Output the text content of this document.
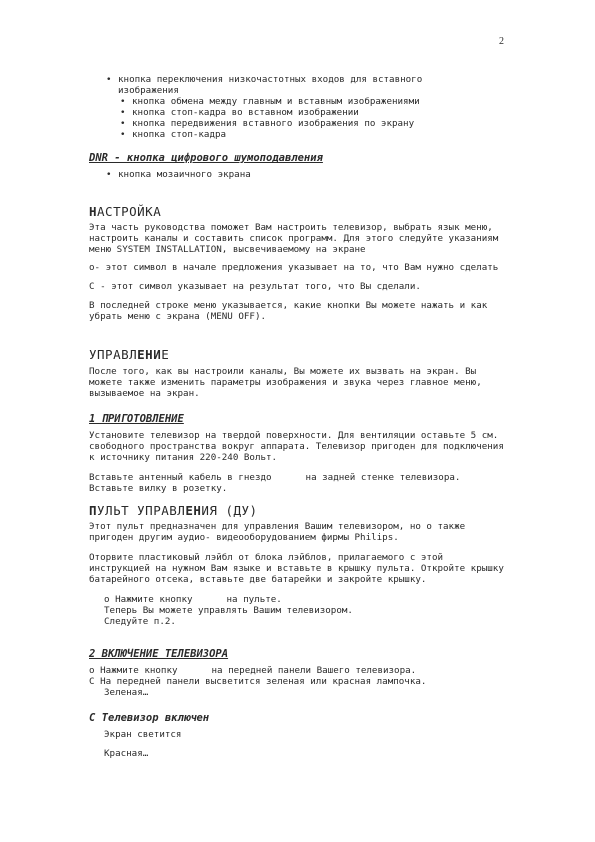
2
• кнопка переключения низкочастотных входов для вставного изображения
• кнопка обмена между главным и вставным изображениями
• кнопка стоп-кадра во вставном изображении
• кнопка передвижения вставного изображения по экрану
• кнопка стоп-кадра
DNR - кнопка цифрового шумоподавления
• кнопка мозаичного экрана
НАСТРОЙКА

Эта часть руководства поможет Вам настроить телевизор, выбрать язык меню, настроить каналы и составить список программ. Для этого следуйте указаниям меню SYSTEM INSTALLATION, высвечиваемому на экране

о- этот символ в начале предложения указывает на то, что Вам нужно сделать

С - этот символ указывает на результат того, что Вы сделали.

В последней строке меню указывается, какие кнопки Вы можете нажать и как убрать меню с экрана (MENU OFF).

УПРАВЛЕНИЕ

После того, как вы настроили каналы, Вы можете их вызвать на экран. Вы можете также изменить параметры изображения и звука через главное меню, вызываемое на экран.

1 ПРИГОТОВЛЕНИЕ

Установите телевизор на твердой поверхности. Для вентиляции оставьте 5 см. свободного пространства вокруг аппарата. Телевизор пригоден для подключения к источнику питания 220-240 Вольт.

Вставьте антенный кабель в гнездо	на задней стенке телевизора.
Вставьте вилку в розетку.

ПУЛЬТ УПРАВЛЕНИЯ (ДУ)

Этот пульт предназначен для управления Вашим телевизором, но о также пригоден другим аудио- видеооборудованием фирмы Philips.

Оторвите пластиковый лэйбл от блока лэйблов, прилагаемого с этой инструкцией на нужном Вам языке и вставьте в крышку пульта. Откройте крышку батарейного отсека, вставьте две батарейки и закройте крышку.

о Нажмите кнопку	на пульте.

Теперь Вы можете управлять Вашим телевизором.

Следуйте п.2.

2 ВКЛЮЧЕНИЕ ТЕЛЕВИЗОРА

о Нажмите кнопку	на передней панели Вашего телевизора.

С На передней панели высветится зеленая или красная лампочка.

Зеленая…

С Телевизор включен

Экран светится

Красная…
